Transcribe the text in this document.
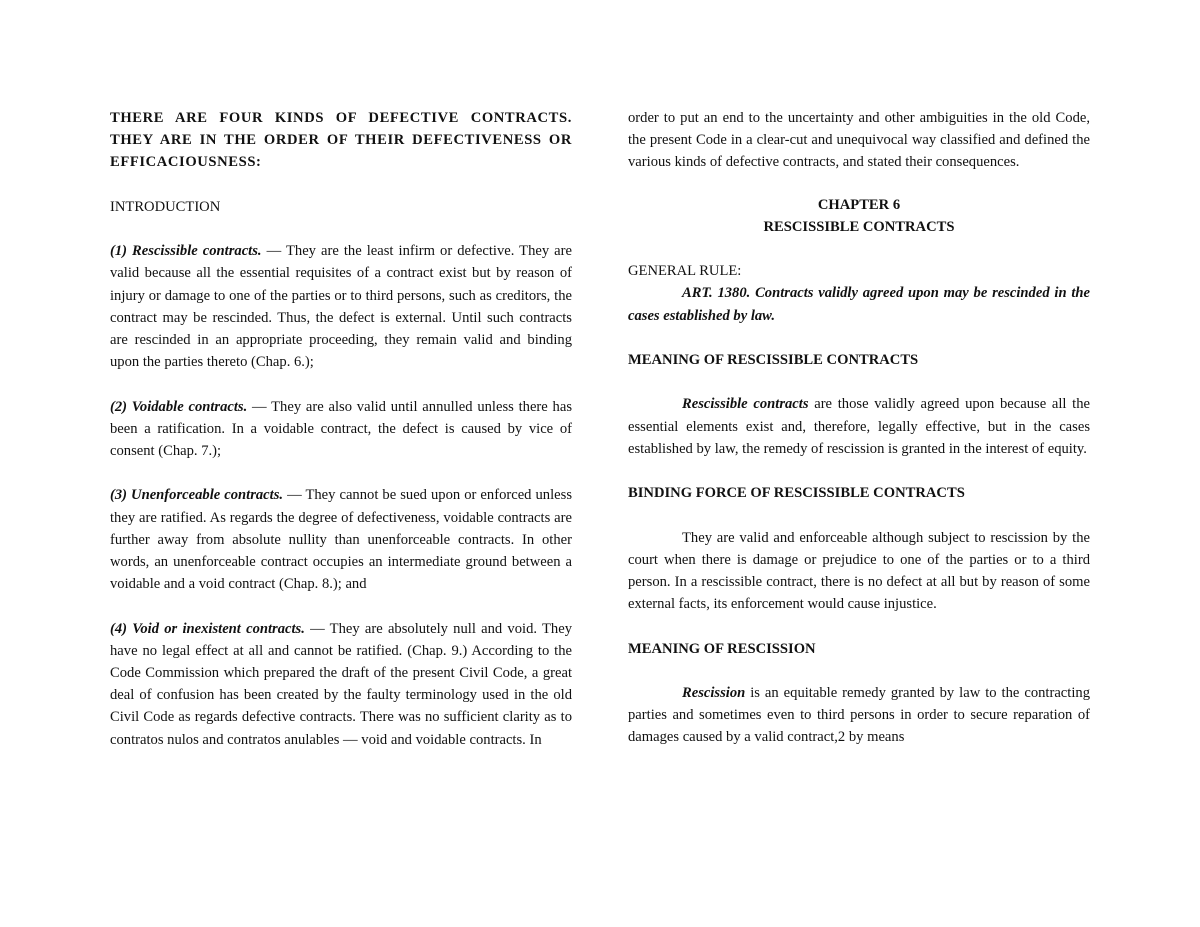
THERE ARE FOUR KINDS OF DEFECTIVE CONTRACTS. THEY ARE IN THE ORDER OF THEIR DEFECTIVENESS OR EFFICACIOUSNESS:

INTRODUCTION

(1) Rescissible contracts. — They are the least infirm or defective. They are valid because all the essential requisites of a contract exist but by reason of injury or damage to one of the parties or to third persons, such as creditors, the contract may be rescinded. Thus, the defect is external. Until such contracts are rescinded in an appropriate proceeding, they remain valid and binding upon the parties thereto (Chap. 6.);

(2) Voidable contracts. — They are also valid until annulled unless there has been a ratification. In a voidable contract, the defect is caused by vice of consent (Chap. 7.);

(3) Unenforceable contracts. — They cannot be sued upon or enforced unless they are ratified. As regards the degree of defectiveness, voidable contracts are further away from absolute nullity than unenforceable contracts. In other words, an unenforceable contract occupies an intermediate ground between a voidable and a void contract (Chap. 8.); and

(4) Void or inexistent contracts. — They are absolutely null and void. They have no legal effect at all and cannot be ratified. (Chap. 9.) According to the Code Commission which prepared the draft of the present Civil Code, a great deal of confusion has been created by the faulty terminology used in the old Civil Code as regards defective contracts. There was no sufficient clarity as to contratos nulos and contratos anulables — void and voidable contracts. In

order to put an end to the uncertainty and other ambiguities in the old Code, the present Code in a clear-cut and unequivocal way classified and defined the various kinds of defective contracts, and stated their consequences.

CHAPTER 6

RESCISSIBLE CONTRACTS

GENERAL RULE:

ART. 1380. Contracts validly agreed upon may be rescinded in the cases established by law.

MEANING OF RESCISSIBLE CONTRACTS

Rescissible contracts are those validly agreed upon because all the essential elements exist and, therefore, legally effective, but in the cases established by law, the remedy of rescission is granted in the interest of equity.

BINDING FORCE OF RESCISSIBLE CONTRACTS

They are valid and enforceable although subject to rescission by the court when there is damage or prejudice to one of the parties or to a third person. In a rescissible contract, there is no defect at all but by reason of some external facts, its enforcement would cause injustice.

MEANING OF RESCISSION

Rescission is an equitable remedy granted by law to the contracting parties and sometimes even to third persons in order to secure reparation of damages caused by a valid contract,2 by means
